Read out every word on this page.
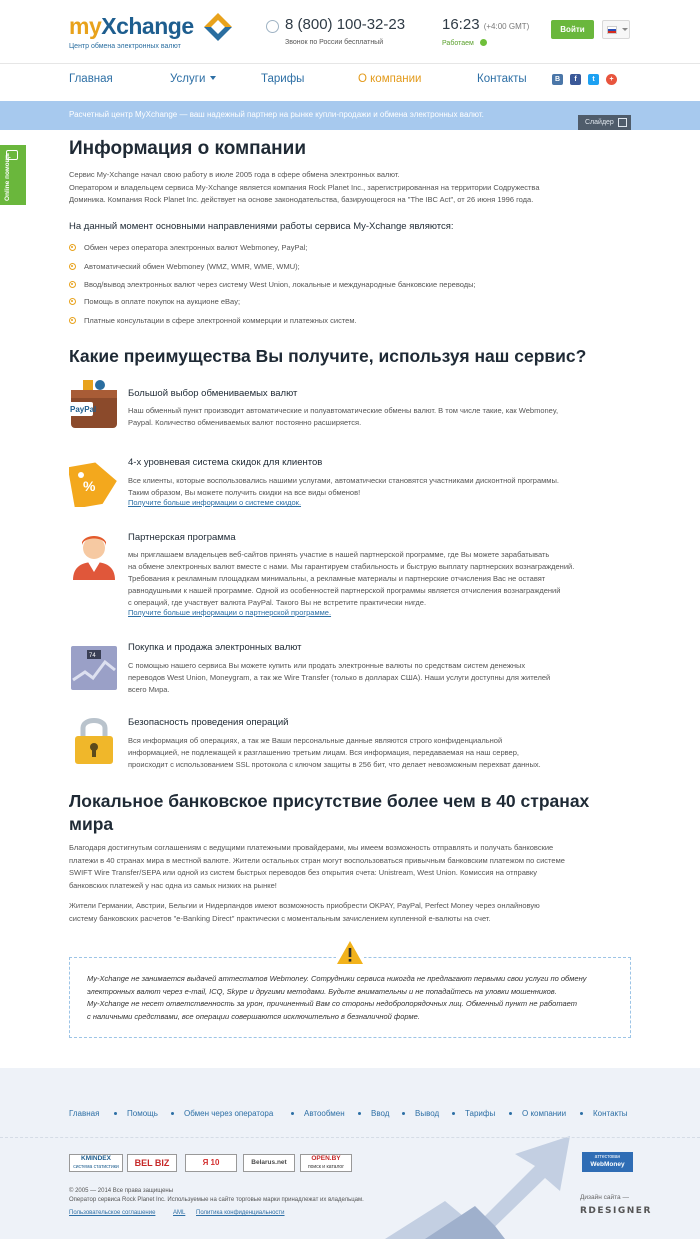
myXchange
Центр обмена электронных валют
8 (800) 100-32-23
Звонок по России бесплатный
16:23 (+4:00 GMT)
Работаем
Войти
Главная	Услуги	Тарифы	О компании	Контакты	В	f	t	+
Расчетный центр MyXchange — ваш надежный партнер на рынке купли-продажи и обмена электронных валют.
Слайдер
Online помощь
Информация о компании
Сервис My-Xchange начал свою работу в июле 2005 года в сфере обмена электронных валют.
Оператором и владельцем сервиса My-Xchange является компания Rock Planet Inc., зарегистрированная на территории Содружества
Доминика. Компания Rock Planet Inc. действует на основе законодательства, базирующегося на "The IBC Act", от 26 июня 1996 года.
На данный момент основными направлениями работы сервиса My-Xchange являются:
Обмен через оператора электронных валют Webmoney, PayPal;
Автоматический обмен Webmoney (WMZ, WMR, WME, WMU);
Ввод/вывод электронных валют через систему West Union, локальные и международные банковские переводы;
Помощь в оплате покупок на аукционе eBay;
Платные консультации в сфере электронной коммерции и платежных систем.
Какие преимущества Вы получите, используя наш сервис?
PayPal
Большой выбор обмениваемых валют
Наш обменный пункт производит автоматические и полуавтоматические обмены валют. В том числе такие, как Webmoney,
Paypal. Количество обмениваемых валют постоянно расширяется.
%
4-х уровневая система скидок для клиентов
Все клиенты, которые воспользовались нашими услугами, автоматически становятся участниками дисконтной программы.
Таким образом, Вы можете получить скидки на все виды обменов!
Получите больше информации о системе скидок.
Партнерская программа
мы приглашаем владельцев веб-сайтов принять участие в нашей партнерской программе, где Вы можете зарабатывать
на обмене электронных валют вместе с нами. Мы гарантируем стабильность и быструю выплату партнерских вознаграждений.
Требования к рекламным площадкам минимальны, а рекламные материалы и партнерские отчисления Вас не оставят
равнодушными к нашей программе. Одной из особенностей партнерской программы является отчисления вознаграждений
с операций, где участвует валюта PayPal. Такого Вы не встретите практически нигде.
Получите больше информации о партнерской программе.
74
Покупка и продажа электронных валют
С помощью нашего сервиса Вы можете купить или продать электронные валюты по средствам систем денежных
переводов West Union, Moneygram, а так же Wire Transfer (только в долларах США). Наши услуги доступны для жителей
всего Мира.
Безопасность проведения операций
Вся информация об операциях, а так же Ваши персональные данные являются строго конфиденциальной
информацией, не подлежащей к разглашению третьим лицам. Вся информация, передаваемая на наш сервер,
происходит с использованием SSL протокола с ключом защиты в 256 бит, что делает невозможным перехват данных.
Локальное банковское присутствие более чем в 40 странах
мира
Благодаря достигнутым соглашениям с ведущими платежными провайдерами, мы имеем возможность отправлять и получать банковские
платежи в 40 странах мира в местной валюте. Жители остальных стран могут воспользоваться привычным банковским платежом по системе
SWIFT Wire Transfer/SEPA или одной из систем быстрых переводов без открытия счета: Unistream, West Union. Комиссия на отправку
банковских платежей у нас одна из самых низких на рынке!
Жители Германии, Австрии, Бельгии и Нидерландов имеют возможность приобрести OKPAY, PayPal, Perfect Money через онлайновую
систему банковских расчетов "e-Banking Direct" практически с моментальным зачислением купленной e-валюты на счет.
My-Xchange не занимается выдачей аттестатов Webmoney. Сотрудники сервиса никогда не предлагают первыми свои услуги по обмену
электронных валют через e-mail, ICQ, Skype и другими методами. Будьте внимательны и не попадайтесь на уловки мошенников.
My-Xchange не несет ответственность за урон, причиненный Вам со стороны недобропорядочных лиц. Обменный пункт не работает
с наличными средствами, все операции совершаются исключительно в безналичной форме.
Главная	Помощь	Обмен через оператора	Автообмен	Ввод	Вывод	Тарифы	О компании	Контакты
KMINDEX
система статистики	BEL BIZ	Я 10	Belarus.net
OPEN.BY
поиск и каталог
аттестован
WebMoney
© 2005 — 2014 Все права защищены
Оператор сервиса Rock Planet Inc. Используемые на сайте торговые марки принадлежат их владельцам.
Пользовательское соглашение	AML Политика конфиденциальности
Дизайн сайта —
RDESIGNER
